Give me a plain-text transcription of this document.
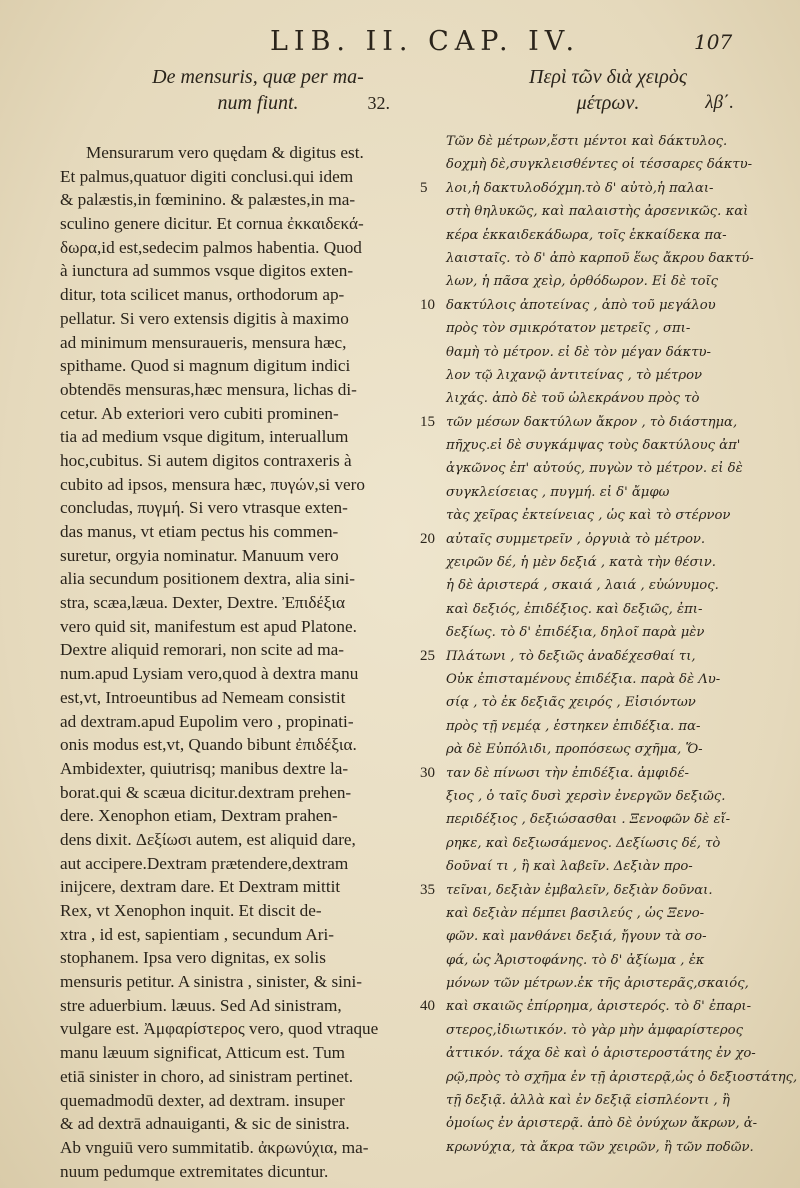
LIB. II. CAP. IV.	107
De mensuris, quæ per ma-
num fiunt.	32.
Περὶ τῶν διὰ χειρὸς
μέτρων.	λβ΄.
Mensurarum vero quędam & digitus est.
Et palmus,quatuor digiti conclusi.qui idem
& palæstis,in fœminino. & palæstes,in ma-
sculino genere dicitur. Et cornua ἐκκαιδεκά-
δωρα,id est,sedecim palmos habentia. Quod
à iunctura ad summos vsque digitos exten-
ditur, tota scilicet manus, orthodorum ap-
pellatur. Si vero extensis digitis à maximo
ad minimum mensuraueris, mensura hæc,
spithame. Quod si magnum digitum indici
obtendēs mensuras,hæc mensura, lichas di-
cetur. Ab exteriori vero cubiti prominen-
tia ad medium vsque digitum, interuallum
hoc,cubitus. Si autem digitos contraxeris à
cubito ad ipsos, mensura hæc, πυγών,si vero
concludas, πυγμή. Si vero vtrasque exten-
das manus, vt etiam pectus his commen-
suretur, orgyia nominatur. Manuum vero
alia secundum positionem dextra, alia sini-
stra, scæa,læua. Dexter, Dextre. Ἐπιδέξια
vero quid sit, manifestum est apud Platone.
Dextre aliquid remorari, non scite ad ma-
num.apud Lysiam vero,quod à dextra manu
est,vt, Introeuntibus ad Nemeam consistit
ad dextram.apud Eupolim vero , propinati-
onis modus est,vt, Quando bibunt ἐπιδέξια.
Ambidexter, quiutrisq; manibus dextre la-
borat.qui & scæua dicitur.dextram prehen-
dere. Xenophon etiam, Dextram prahen-
dens dixit. Δεξίωσι autem, est aliquid dare,
aut accipere.Dextram prætendere,dextram
inijcere, dextram dare. Et Dextram mittit
Rex, vt Xenophon inquit. Et discit de-
xtra , id est, sapientiam , secundum Ari-
stophanem. Ipsa vero dignitas, ex solis
mensuris petitur. A sinistra , sinister, & sini-
stre aduerbium. læuus. Sed Ad sinistram,
vulgare est. Ἀμφαρίστερος vero, quod vtraque
manu læuum significat, Atticum est. Tum
etiā sinister in choro, ad sinistram pertinet.
quemadmodū dexter, ad dextram. insuper
& ad dextrā adnauiganti, & sic de sinistra.
Ab vnguiū vero summitatib. ἀκρωνύχια, ma-
nuum pedumque extremitates dicuntur.
Τῶν δὲ μέτρων,ἔστι μέντοι καὶ δάκτυλος.
δοχμὴ δὲ,συγκλεισθέντες οἱ τέσσαρες δάκτυ-
5 λοι,ἡ δακτυλοδόχμη.τὸ δ' αὐτὸ,ἡ παλαι-
στὴ θηλυκῶς, καὶ παλαιστὴς ἀρσενικῶς. καὶ
κέρα ἑκκαιδεκάδωρα, τοῖς ἑκκαίδεκα πα-
λαισταῖς. τὸ δ' ἀπὸ καρποῦ ἕως ἄκρου δακτύ-
λων, ἡ πᾶσα χεὶρ, ὀρθόδωρον. Εἰ δὲ τοῖς
10 δακτύλοις ἀποτείνας , ἀπὸ τοῦ μεγάλου
πρὸς τὸν σμικρότατον μετρεῖς , σπι-
θαμὴ τὸ μέτρον. εἰ δὲ τὸν μέγαν δάκτυ-
λον τῷ λιχανῷ ἀντιτείνας , τὸ μέτρον
λιχάς. ἀπὸ δὲ τοῦ ὠλεκράνου πρὸς τὸ
15 τῶν μέσων δακτύλων ἄκρον , τὸ διάστημα,
πῆχυς.εἰ δὲ συγκάμψας τοὺς δακτύλους ἀπ'
ἀγκῶνος ἐπ' αὐτούς, πυγὼν τὸ μέτρον. εἰ δὲ
συγκλείσειας , πυγμή. εἰ δ' ἄμφω
τὰς χεῖρας ἐκτείνειας , ὡς καὶ τὸ στέρνον
20 αὐταῖς συμμετρεῖν , ὀργυιὰ τὸ μέτρον.
χειρῶν δέ, ἡ μὲν δεξιά , κατὰ τὴν θέσιν.
ἡ δὲ ἀριστερά , σκαιά , λαιά , εὐώνυμος.
καὶ δεξιός, ἐπιδέξιος. καὶ δεξιῶς, ἐπι-
δεξίως. τὸ δ' ἐπιδέξια, δηλοῖ παρὰ μὲν
25 Πλάτωνι , τὸ δεξιῶς ἀναδέχεσθαί τι,
Οὐκ ἐπισταμένους ἐπιδέξια. παρὰ δὲ Λυ-
σίᾳ , τὸ ἐκ δεξιᾶς χειρός , Εἰσιόντων
πρὸς τῇ νεμέᾳ , ἑστηκεν ἐπιδέξια. πα-
ρὰ δὲ Εὐπόλιδι, προπόσεως σχῆμα, Ὅ-
30 ταν δὲ πίνωσι τὴν ἐπιδέξια. ἀμφιδέ-
ξιος , ὁ ταῖς δυσὶ χερσὶν ἐνεργῶν δεξιῶς.
περιδέξιος , δεξιώσασθαι . Ξενοφῶν δὲ εἴ-
ρηκε, καὶ δεξιωσάμενος. Δεξίωσις δέ, τὸ
δοῦναί τι , ἢ καὶ λαβεῖν. Δεξιὰν προ-
35 τεῖναι, δεξιὰν ἐμβαλεῖν, δεξιὰν δοῦναι.
καὶ δεξιὰν πέμπει βασιλεύς , ὡς Ξενο-
φῶν. καὶ μανθάνει δεξιά, ἤγουν τὰ σο-
φά, ὡς Ἀριστοφάνης. τὸ δ' ἀξίωμα , ἐκ
μόνων τῶν μέτρων.ἐκ τῆς ἀριστερᾶς,σκαιός,
40 καὶ σκαιῶς ἐπίρρημα, ἀριστερός. τὸ δ' ἐπαρι-
στερος,ἰδιωτικόν. τὸ γὰρ μὴν ἀμφαρίστερος
ἀττικόν. τάχα δὲ καὶ ὁ ἀριστεροστάτης ἐν χο-
ρῷ,πρὸς τὸ σχῆμα ἐν τῇ ἀριστερᾷ,ὡς ὁ δεξιοστάτης,
τῇ δεξιᾷ. ἀλλὰ καὶ ἐν δεξιᾷ εἰσπλέοντι , ἢ
ὁμοίως ἐν ἀριστερᾷ. ἀπὸ δὲ ὀνύχων ἄκρων, ἀ-
κρωνύχια, τὰ ἄκρα τῶν χειρῶν, ἢ τῶν ποδῶν.
